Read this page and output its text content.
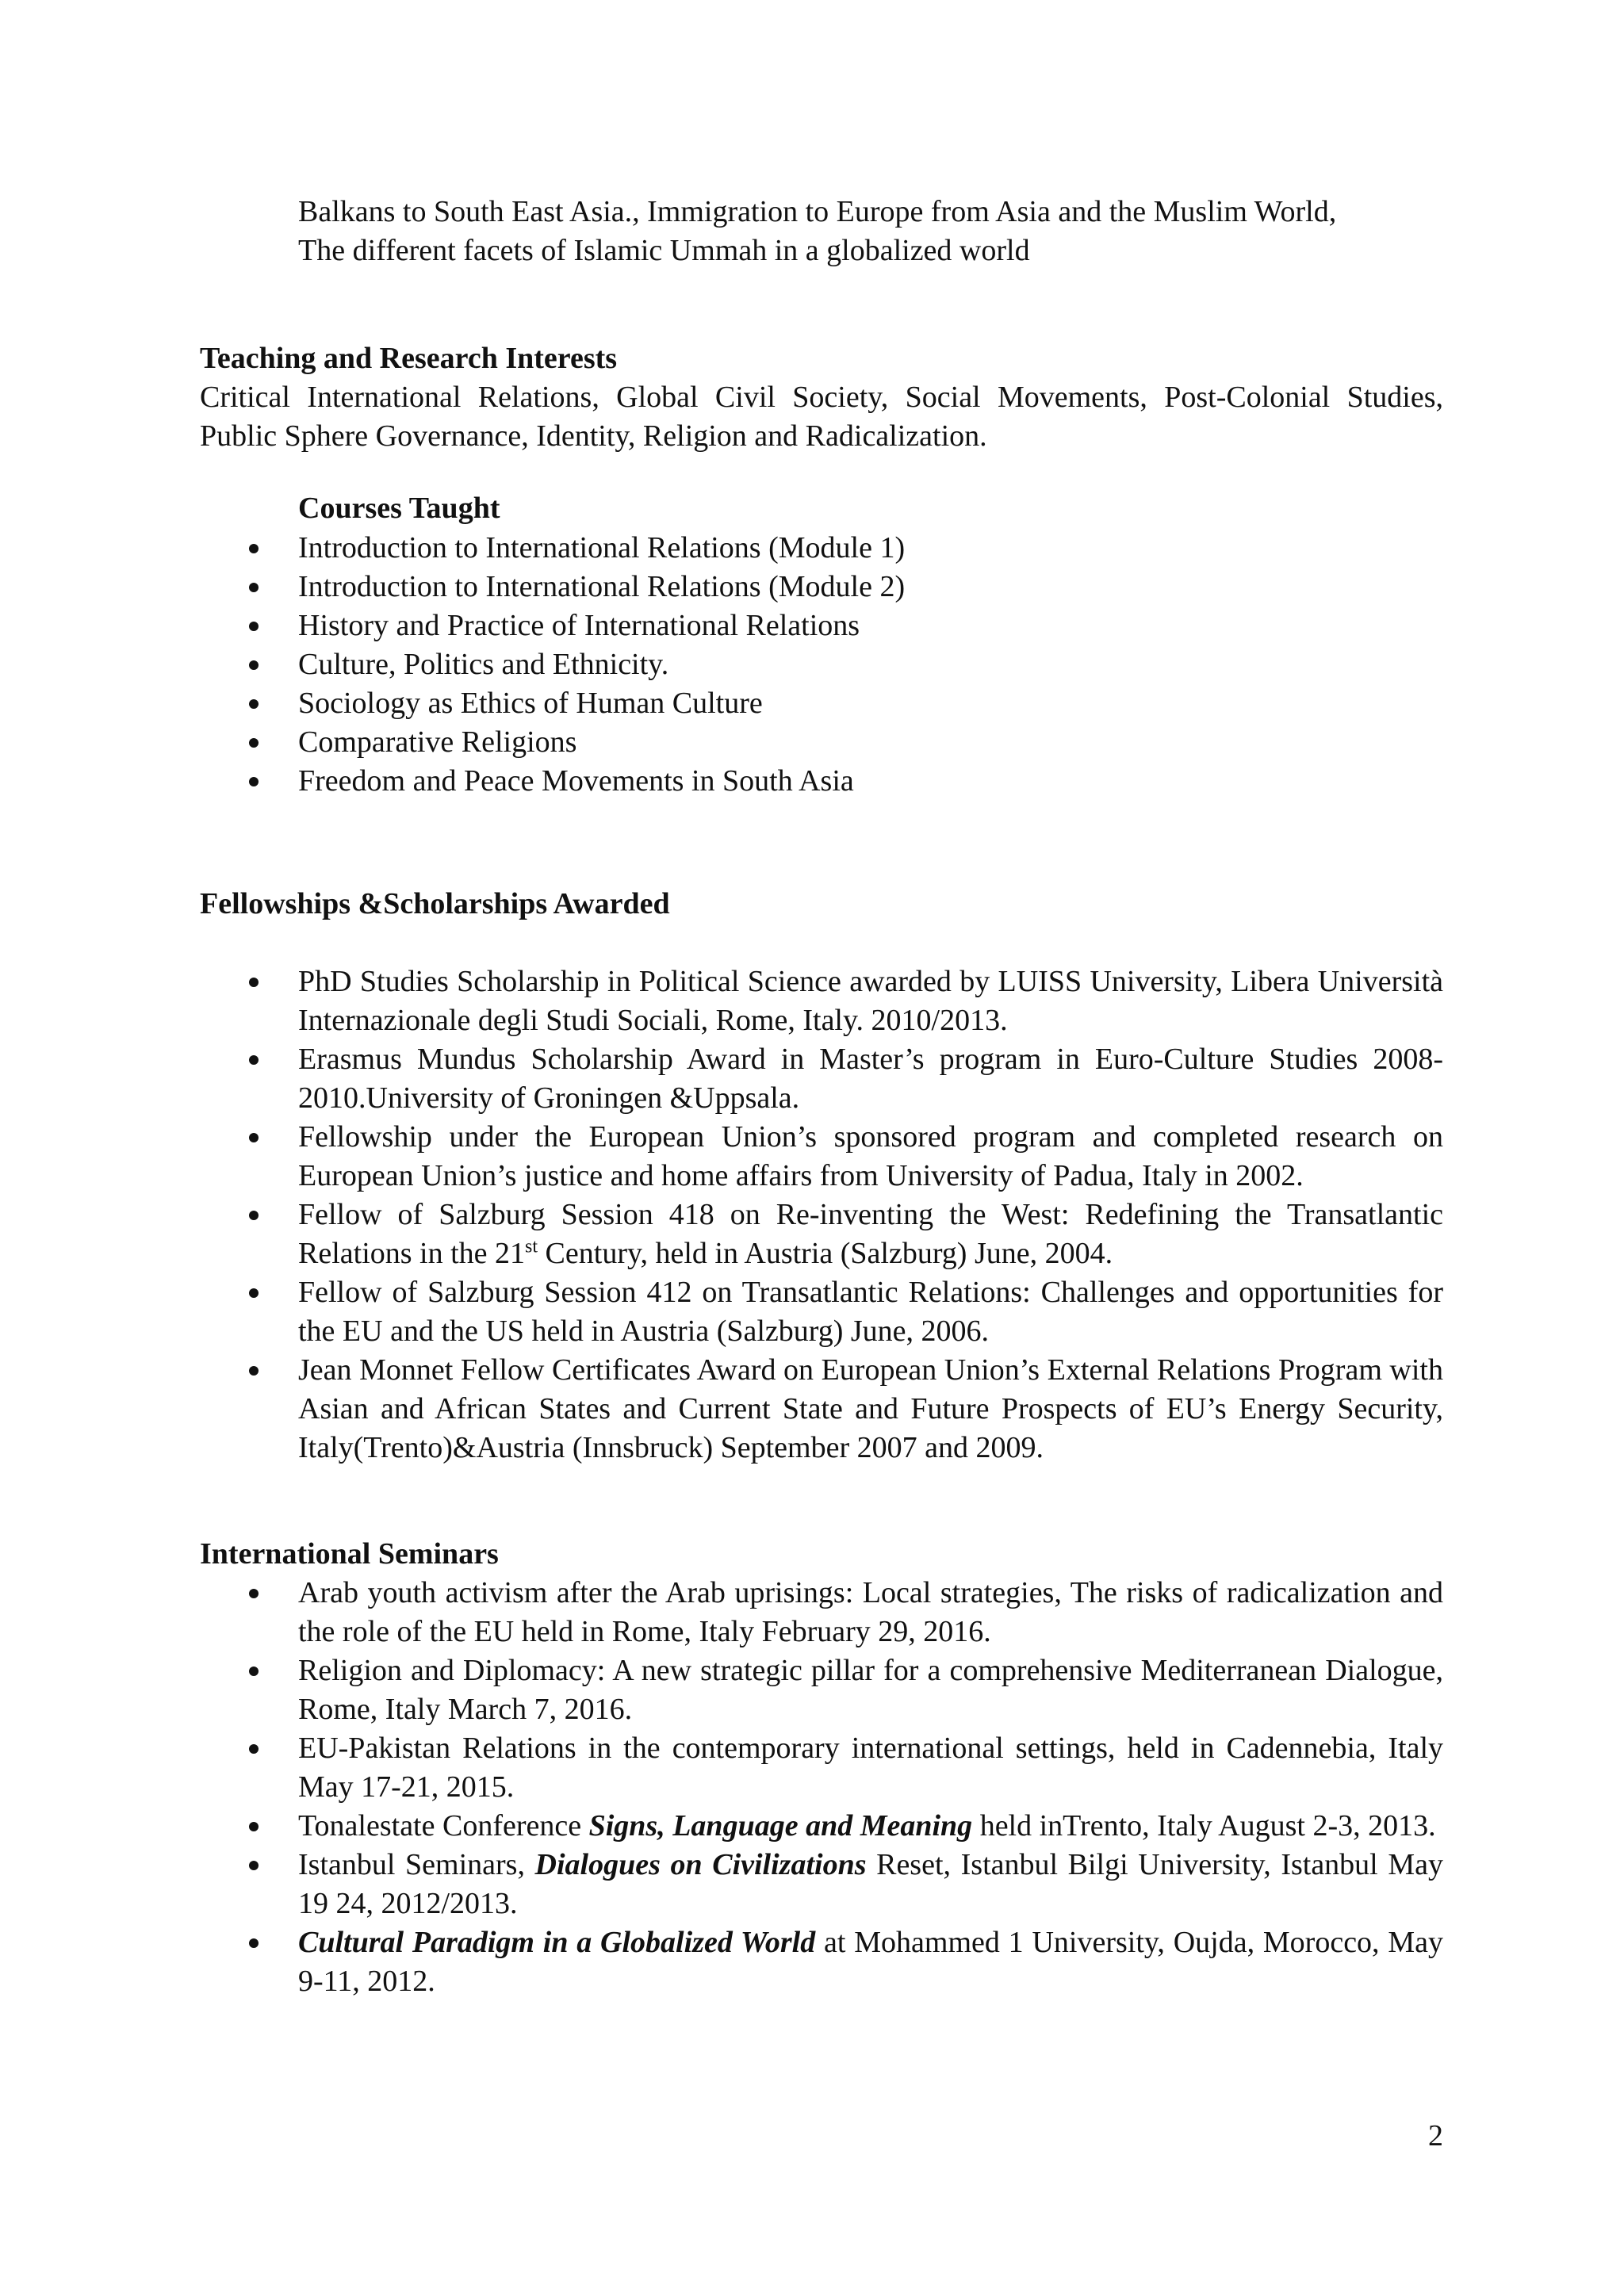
Balkans to South East Asia., Immigration to Europe from Asia and the Muslim World,
The different facets of Islamic Ummah in a globalized world
Teaching and Research Interests
Critical International Relations, Global Civil Society, Social Movements, Post-Colonial Studies, Public Sphere Governance, Identity, Religion and Radicalization.
Courses Taught
Introduction to International Relations (Module 1)
Introduction to International Relations (Module 2)
History and Practice of International Relations
Culture, Politics and Ethnicity.
Sociology as Ethics of Human Culture
Comparative Religions
Freedom and Peace Movements in South Asia
Fellowships &Scholarships Awarded
PhD Studies Scholarship in Political Science awarded by LUISS University, Libera Università Internazionale degli Studi Sociali, Rome, Italy. 2010/2013.
Erasmus Mundus Scholarship Award in Master’s program in Euro-Culture Studies 2008-2010.University of Groningen &Uppsala.
Fellowship under the European Union’s sponsored program and completed research on European Union’s justice and home affairs from University of Padua, Italy in 2002.
Fellow of Salzburg Session 418 on Re-inventing the West: Redefining the Transatlantic Relations in the 21st Century, held in Austria (Salzburg) June, 2004.
Fellow of Salzburg Session 412 on Transatlantic Relations: Challenges and opportunities for the EU and the US held in Austria (Salzburg) June, 2006.
Jean Monnet Fellow Certificates Award on European Union’s External Relations Program with Asian and African States and Current State and Future Prospects of EU’s Energy Security, Italy(Trento)&Austria (Innsbruck) September 2007 and 2009.
International Seminars
Arab youth activism after the Arab uprisings: Local strategies, The risks of radicalization and the role of the EU held in Rome, Italy February 29, 2016.
Religion and Diplomacy: A new strategic pillar for a comprehensive Mediterranean Dialogue, Rome, Italy March 7, 2016.
EU-Pakistan Relations in the contemporary international settings, held in Cadennebia, Italy May 17-21, 2015.
Tonalestate Conference Signs, Language and Meaning held inTrento, Italy August 2-3, 2013.
Istanbul Seminars, Dialogues on Civilizations Reset, Istanbul Bilgi University, Istanbul May 19 24, 2012/2013.
Cultural Paradigm in a Globalized World at Mohammed 1 University, Oujda, Morocco, May 9-11, 2012.
2
